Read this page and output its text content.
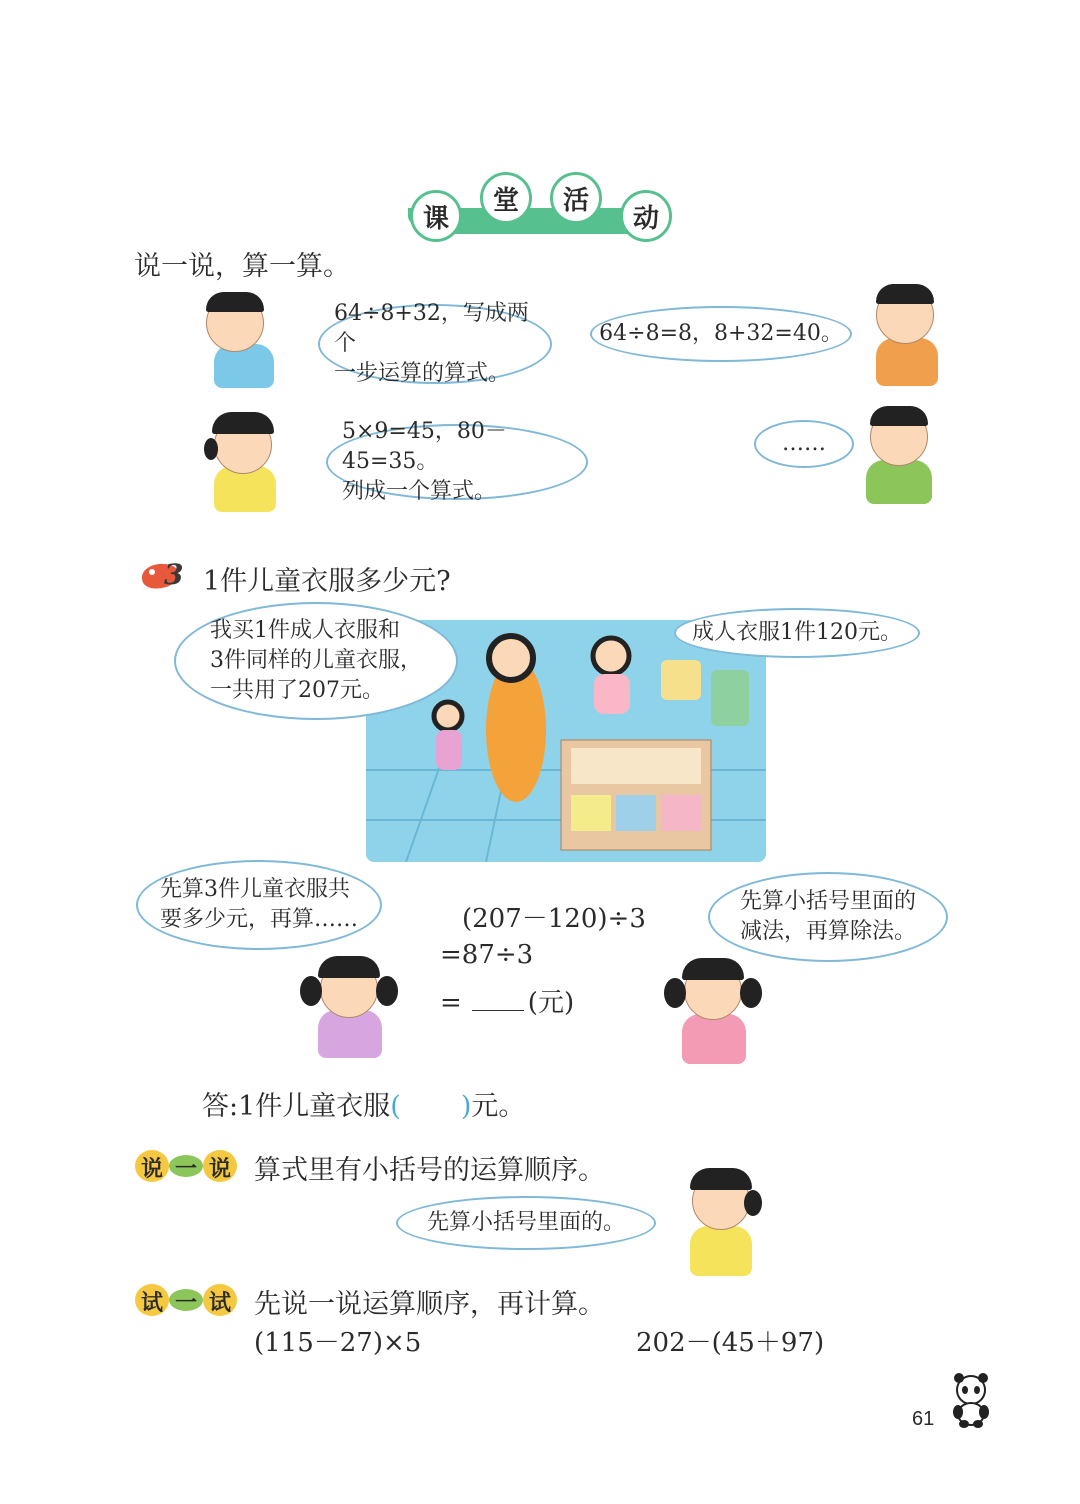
课
堂	活
动
说一说，算一算。
64÷8+32，写成两个
一步运算的算式。
64÷8=8，8+32=40。
5×9=45，80－45=35。
列成一个算式。
……
3 1件儿童衣服多少元?
我买1件成人衣服和
3件同样的儿童衣服，
一共用了207元。
成人衣服1件120元。
先算3件儿童衣服共
要多少元，再算……	(207－120)÷3
=87÷3
=	(元)
先算小括号里面的
减法，再算除法。
答:1件儿童衣服( )元。
说 一 说 算式里有小括号的运算顺序。
先算小括号里面的。
试 一 试 先说一说运算顺序，再计算。
(115－27)×5	202－(45＋97)
61
